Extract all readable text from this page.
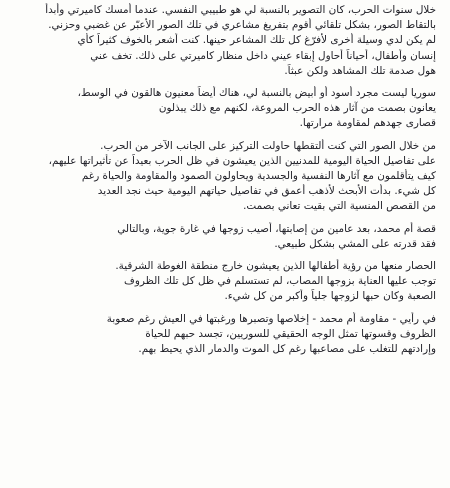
خلال سنوات الحرب، كان التصوير بالنسبة لي هو طبيبي النفسي. عندما أمسك كاميرتي وأبدأ
بالتقاط الصور، بشكل تلقائي أقوم بتفريغ مشاعري في تلك الصور الأعبّر عن غضبي وحزني.
لم يكن لدي وسيلة أخرى لأفرّغ كل تلك المشاعر حينها. كنت أشعر بالخوف كثيراً كأي
إنسان وأطفال، أحياناً أحاول إبقاء عيني داخل منظار كاميرتي على ذلك. تخف عني
هول صدمة تلك المشاهد ولكن عبثاً.
سوريا ليست مجرد أسود أو أبيض بالنسبة لي، هناك أيضاً معنيون هالقون في الوسط،
يعانون بصمت من آثار هذه الحرب المروعة، لكنهم مع ذلك يبذلون
قصارى جهدهم لمقاومة مرارتها.
من خلال الصور التي كنت ألتقطها حاولت التركيز على الجانب الآخر من الحرب.
على تفاصيل الحياة اليومية للمدنيين الذين يعيشون في ظل الحرب بعيداً عن تأثيراتها عليهم،
كيف يتأقلمون مع آثارها النفسية والجسدية ويحاولون الصمود والمقاومة والحياة رغم
كل شيء. بدأت الأبحث لأذهب أعمق في تفاصيل حياتهم اليومية حيث نجد العديد
من القصص المنسية التي بقيت تعاني بصمت.
قصة أم محمد، بعد عامين من إصابتها، أصيب زوجها في غارة جوية، وبالتالي
فقد قدرته على المشي بشكل طبيعي.
الحصار منعها من رؤية أطفالها الذين يعيشون خارج منطقة الغوطة الشرقية.
توجب عليها العناية بزوجها المصاب، لم تستسلم في ظل كل تلك الظروف
الصعبة وكان حبها لزوجها جلياً وأكبر من كل شيء.
في رأيي - مقاومة أم محمد - إخلاصها وتصبرها ورغبتها في العيش رغم صعوبة
الظروف وقسوتها تمثل الوجه الحقيقي للسوريين، تجسد حبهم للحياة
وإرادتهم للتغلب على مصاعبها رغم كل الموت والدمار الذي يحيط بهم.
